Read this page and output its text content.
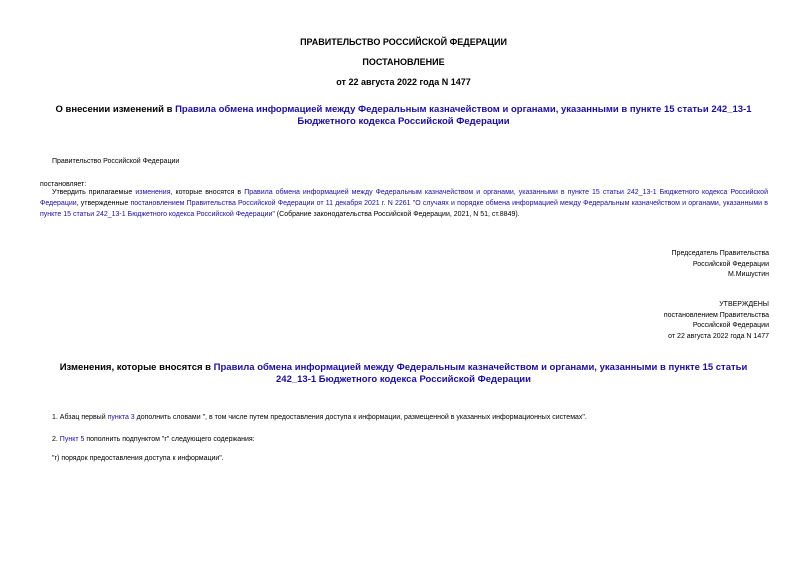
ПРАВИТЕЛЬСТВО РОССИЙСКОЙ ФЕДЕРАЦИИ
ПОСТАНОВЛЕНИЕ
от 22 августа 2022 года N 1477
О внесении изменений в Правила обмена информацией между Федеральным казначейством и органами, указанными в пункте 15 статьи 242_13-1 Бюджетного кодекса Российской Федерации
Правительство Российской Федерации
постановляет:
Утвердить прилагаемые изменения, которые вносятся в Правила обмена информацией между Федеральным казначейством и органами, указанными в пункте 15 статьи 242_13-1 Бюджетного кодекса Российской Федерации, утвержденные постановлением Правительства Российской Федерации от 11 декабря 2021 г. N 2261 "О случаях и порядке обмена информацией между Федеральным казначейством и органами, указанными в пункте 15 статьи 242_13-1 Бюджетного кодекса Российской Федерации" (Собрание законодательства Российской Федерации, 2021, N 51, ст.8849).
Председатель Правительства
Российской Федерации
М.Мишустин
УТВЕРЖДЕНЫ
постановлением Правительства
Российской Федерации
от 22 августа 2022 года N 1477
Изменения, которые вносятся в Правила обмена информацией между Федеральным казначейством и органами, указанными в пункте 15 статьи 242_13-1 Бюджетного кодекса Российской Федерации
1. Абзац первый пункта 3 дополнить словами ", в том числе путем предоставления доступа к информации, размещенной в указанных информационных системах".
2. Пункт 5 пополнить подпунктом "г" следующего содержания:
"г) порядок предоставления доступа к информации".
